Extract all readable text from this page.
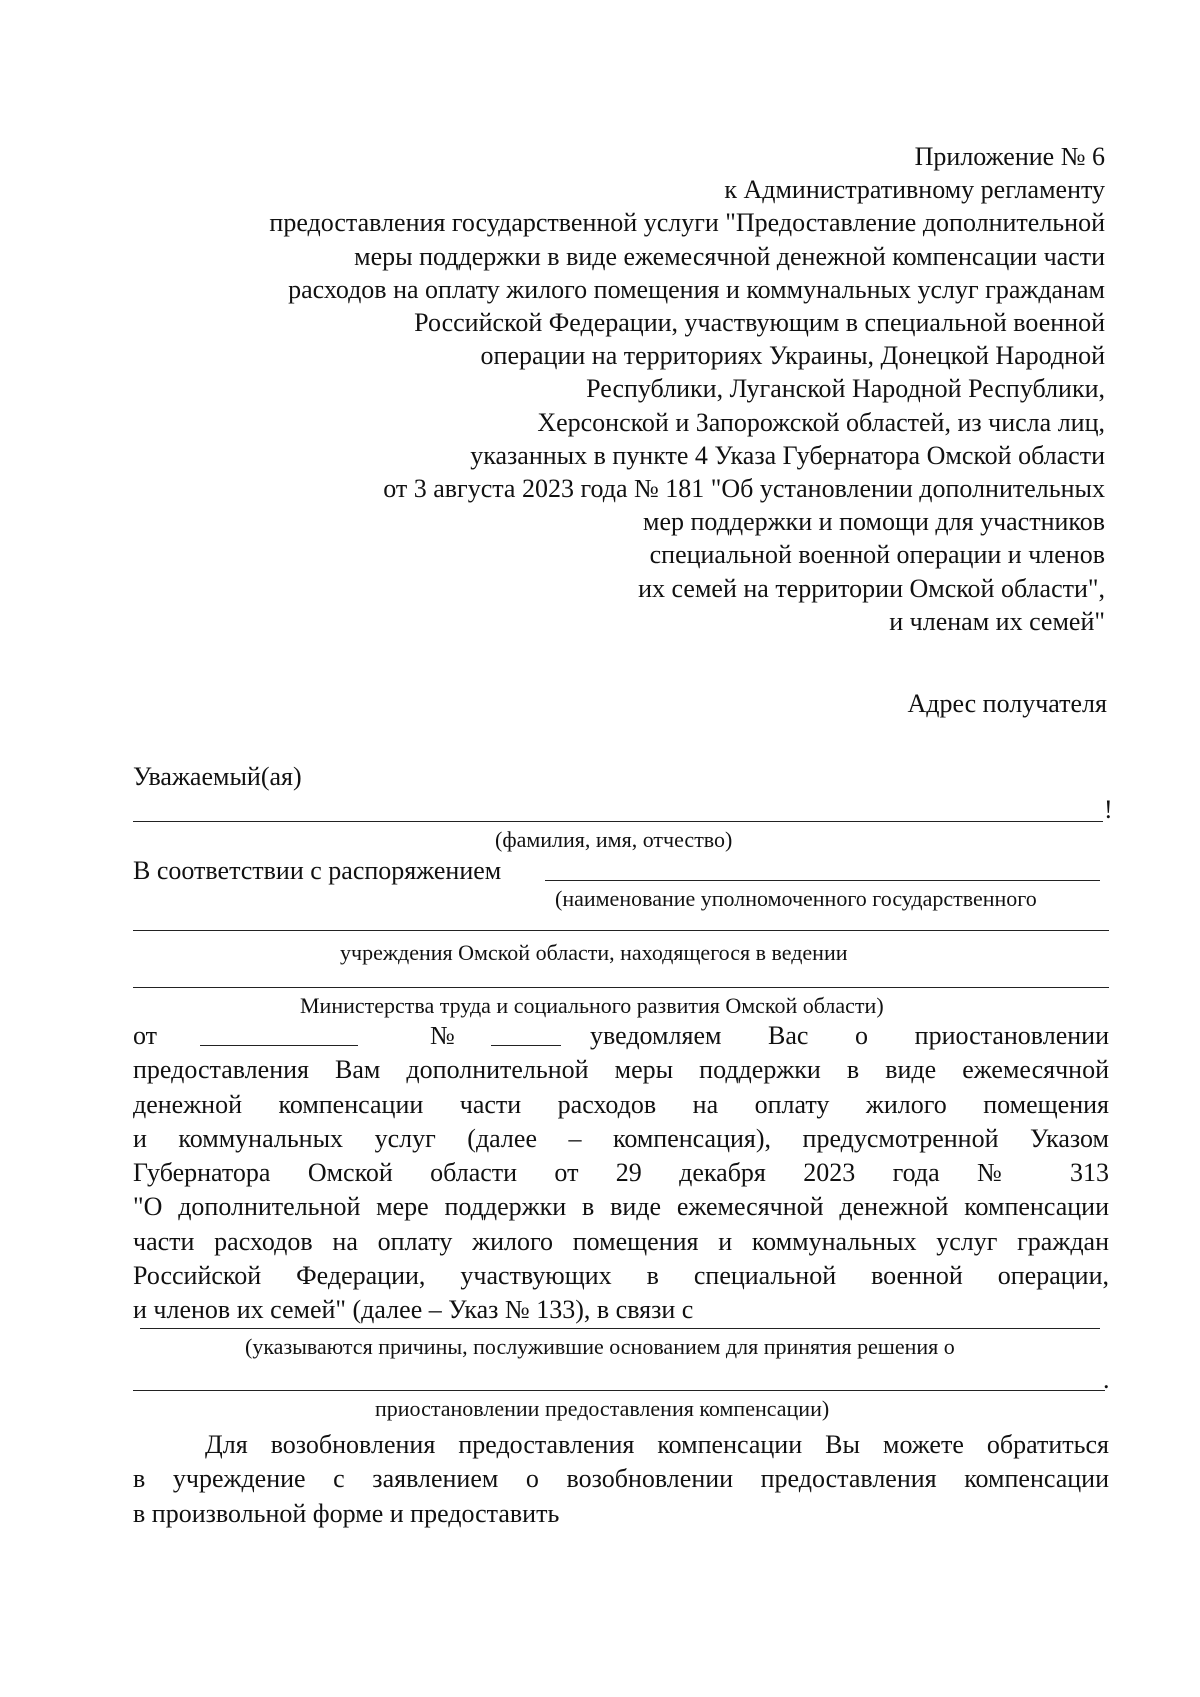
Приложение № 6
к Административному регламенту
предоставления государственной услуги "Предоставление дополнительной
меры поддержки в виде ежемесячной денежной компенсации части
расходов на оплату жилого помещения и коммунальных услуг гражданам
Российской Федерации, участвующим в специальной военной
операции на территориях Украины, Донецкой Народной
Республики, Луганской Народной Республики,
Херсонской и Запорожской областей, из числа лиц,
указанных в пункте 4 Указа Губернатора Омской области
от 3 августа 2023 года № 181 "Об установлении дополнительных
мер поддержки и помощи для участников
специальной военной операции и членов
их семей на территории Омской области",
и членам их семей"
Адрес получателя
Уважаемый(ая)
!
(фамилия, имя, отчество)
В соответствии с распоряжением
(наименование уполномоченного государственного
учреждения Омской области, находящегося в ведении
Министерства труда и социального развития Омской области)
от	№	уведомляем Вас о приостановлении
предоставления Вам дополнительной меры поддержки в виде ежемесячной
денежной компенсации части расходов на оплату жилого помещения
и коммунальных услуг (далее – компенсация), предусмотренной Указом
Губернатора Омской области от 29 декабря 2023 года № 313
"О дополнительной мере поддержки в виде ежемесячной денежной компенсации
части расходов на оплату жилого помещения и коммунальных услуг граждан
Российской Федерации, участвующих в специальной военной операции,
и членов их семей" (далее – Указ № 133), в связи с
(указываются причины, послужившие основанием для принятия решения о
.
приостановлении предоставления компенсации)
Для возобновления предоставления компенсации Вы можете обратиться
в учреждение с заявлением о возобновлении предоставления компенсации
в произвольной форме и предоставить
